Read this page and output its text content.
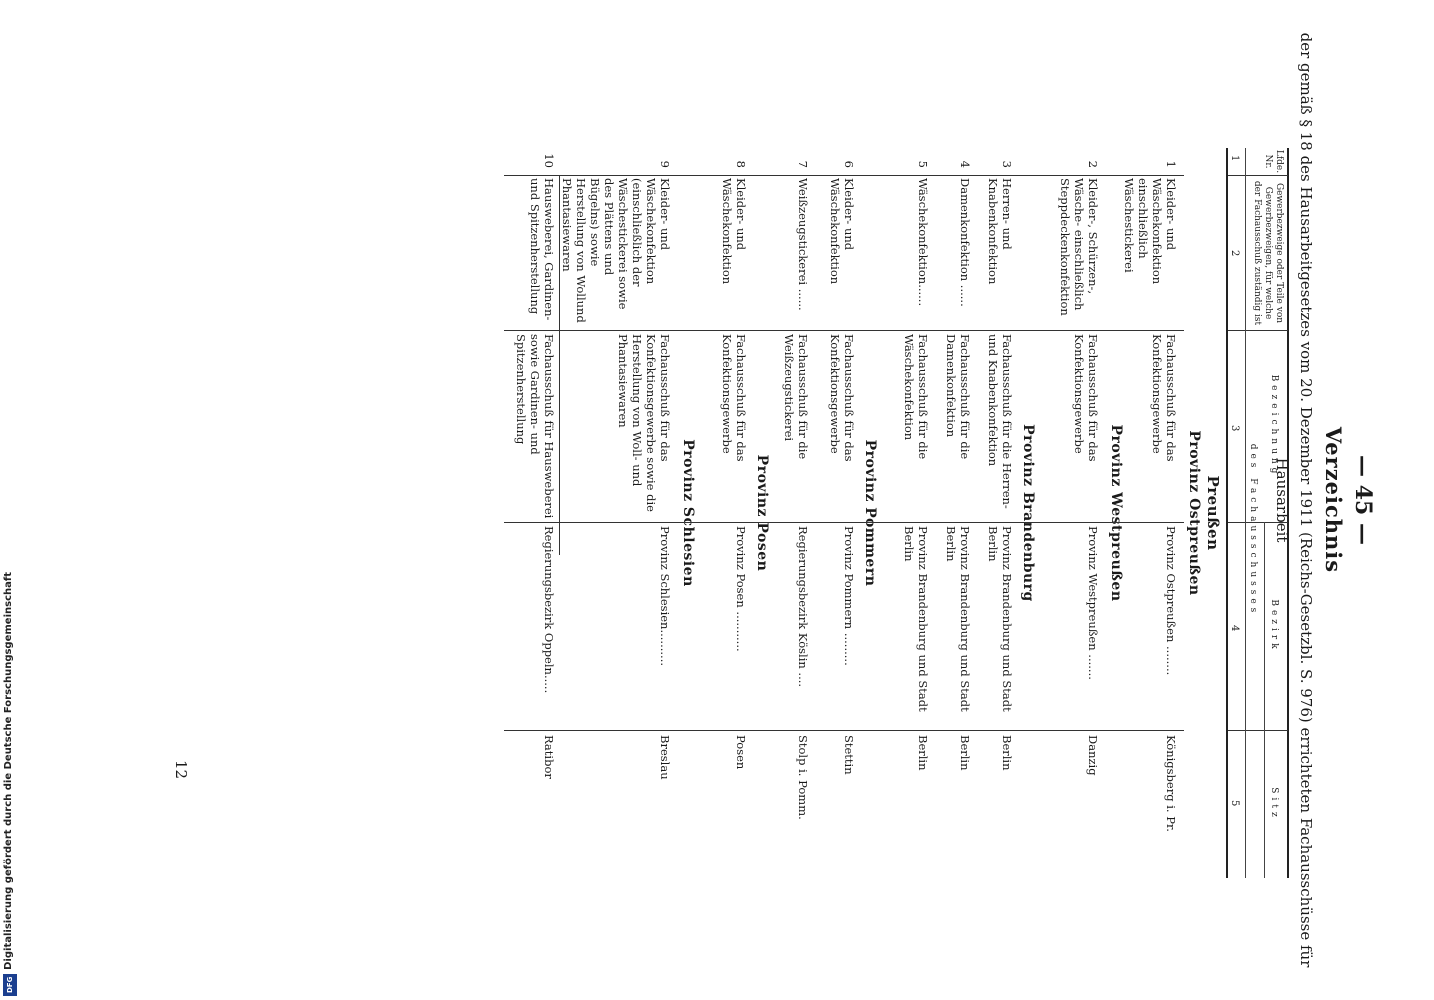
— 45 —
Verzeichnis
der gemäß § 18 des Hausarbeitgesetzes vom 20. Dezember 1911 (Reichs-Gesetzbl. S. 976) errichteten Fachausschüsse für Hausarbeit
Lfde. Nr.
Gewerbezweige oder Teile von Gewerbezweigen, für welche der Fachausschuß zuständig ist
Bezeichnung
Bezirk
Sitz
des Fachausschusses
1
2
3
4
5
Preußen
Provinz Ostpreußen
1
Kleider- und Wäschekonfektion einschließlich Wäschestickerei
Fachausschuß für das Konfektionsgewerbe
Provinz Ostpreußen ........
Königsberg i. Pr.
Provinz Westpreußen
2
Kleider-, Schürzen-, Wäsche- einschließlich Steppdeckenkonfektion
Fachausschuß für das Konfektionsgewerbe
Provinz Westpreußen .......
Danzig
Provinz Brandenburg
3
Herren- und Knabenkonfektion
Fachausschuß für die Herren- und Knabenkonfektion
Provinz Brandenburg und Stadt Berlin
Berlin
4
Damenkonfektion ......
Fachausschuß für die Damenkonfektion
Provinz Brandenburg und Stadt Berlin
Berlin
5
Wäschekonfektion......
Fachausschuß für die Wäschekonfektion
Provinz Brandenburg und Stadt Berlin
Berlin
Provinz Pommern
6
Kleider- und Wäschekonfektion
Fachausschuß für das Konfektionsgewerbe
Provinz Pommern .........
Stettin
7
Weißzeugstickerei ......
Fachausschuß für die Weißzeugstickerei
Regierungsbezirk Köslin ....
Stolp i. Pomm.
Provinz Posen
8
Kleider- und Wäschekonfektion
Fachausschuß für das Konfektionsgewerbe
Provinz Posen ...........
Posen
Provinz Schlesien
9
Kleider- und Wäschekonfektion (einschließlich der Wäschestickerei sowie des Plättens und Bügelns) sowie Herstellung von Wollund Phantasiewaren
Fachausschuß für das Konfektionsgewerbe sowie die Herstellung von Woll- und Phantasiewaren
Provinz Schlesien..........
Breslau
10
Hausweberei, Gardinen- und Spitzenherstellung
Fachausschuß für Hausweberei sowie Gardinen- und Spitzenherstellung
Regierungsbezirk Oppeln.....
Ratibor
12
Digitalisierung gefördert durch die Deutsche Forschungsgemeinschaft
DFG
